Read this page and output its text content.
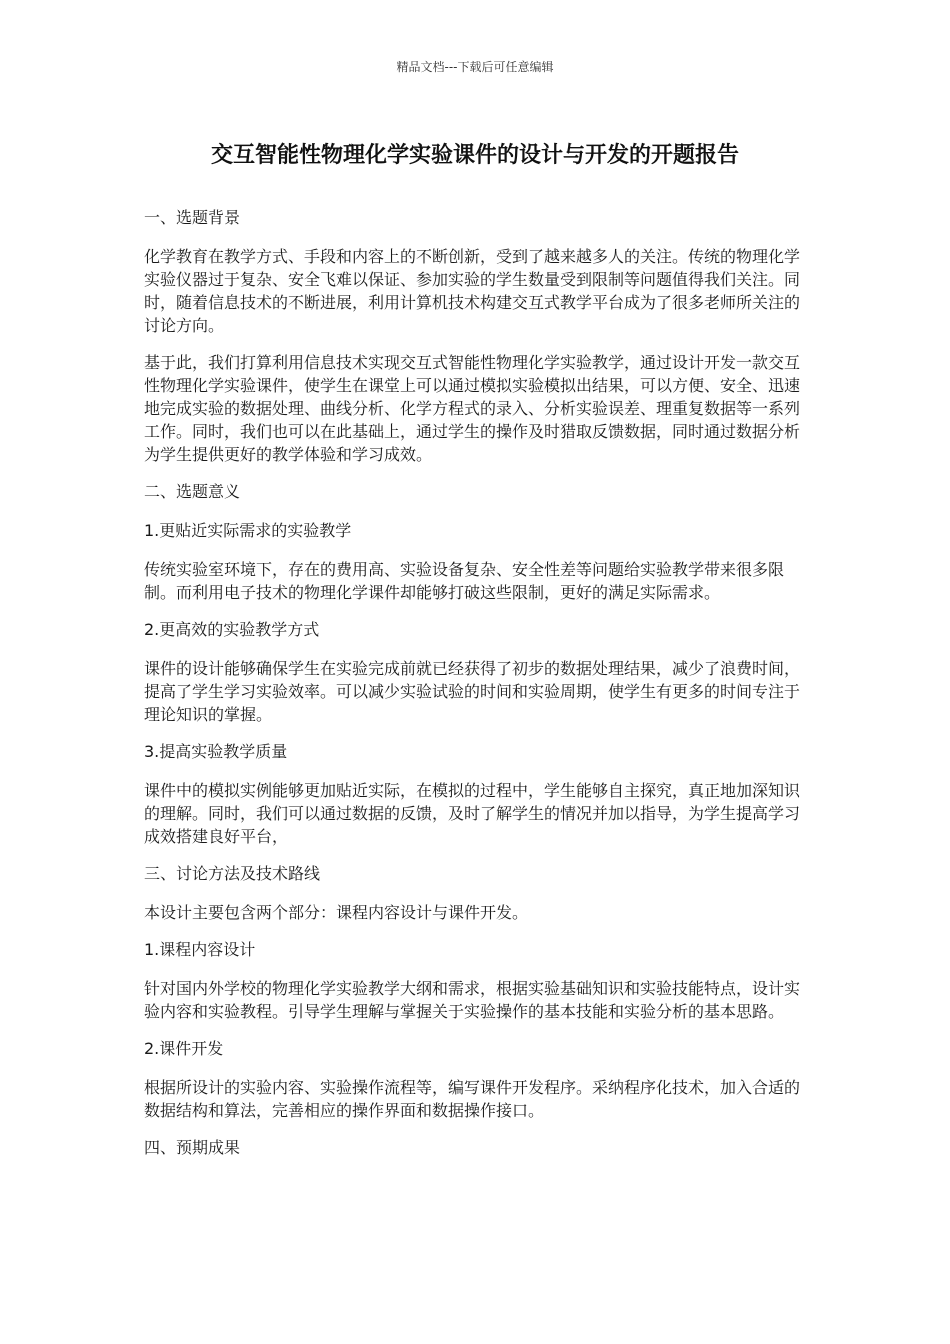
精品文档---下载后可任意编辑
交互智能性物理化学实验课件的设计与开发的开题报告

一、选题背景

化学教育在教学方式、手段和内容上的不断创新，受到了越来越多人的关注。传统的物理化学实验仪器过于复杂、安全飞难以保证、参加实验的学生数量受到限制等问题值得我们关注。同时，随着信息技术的不断进展，利用计算机技术构建交互式教学平台成为了很多老师所关注的讨论方向。

基于此，我们打算利用信息技术实现交互式智能性物理化学实验教学，通过设计开发一款交互性物理化学实验课件，使学生在课堂上可以通过模拟实验模拟出结果，可以方便、安全、迅速地完成实验的数据处理、曲线分析、化学方程式的录入、分析实验误差、理重复数据等一系列工作。同时，我们也可以在此基础上，通过学生的操作及时猎取反馈数据，同时通过数据分析为学生提供更好的教学体验和学习成效。

二、选题意义

1.更贴近实际需求的实验教学

传统实验室环境下，存在的费用高、实验设备复杂、安全性差等问题给实验教学带来很多限制。而利用电子技术的物理化学课件却能够打破这些限制，更好的满足实际需求。

2.更高效的实验教学方式

课件的设计能够确保学生在实验完成前就已经获得了初步的数据处理结果，减少了浪费时间，提高了学生学习实验效率。可以减少实验试验的时间和实验周期，使学生有更多的时间专注于理论知识的掌握。

3.提高实验教学质量

课件中的模拟实例能够更加贴近实际，在模拟的过程中，学生能够自主探究，真正地加深知识的理解。同时，我们可以通过数据的反馈，及时了解学生的情况并加以指导，为学生提高学习成效搭建良好平台，

三、讨论方法及技术路线

本设计主要包含两个部分：课程内容设计与课件开发。

1.课程内容设计

针对国内外学校的物理化学实验教学大纲和需求，根据实验基础知识和实验技能特点，设计实验内容和实验教程。引导学生理解与掌握关于实验操作的基本技能和实验分析的基本思路。

2.课件开发

根据所设计的实验内容、实验操作流程等，编写课件开发程序。采纳程序化技术，加入合适的数据结构和算法，完善相应的操作界面和数据操作接口。

四、预期成果
